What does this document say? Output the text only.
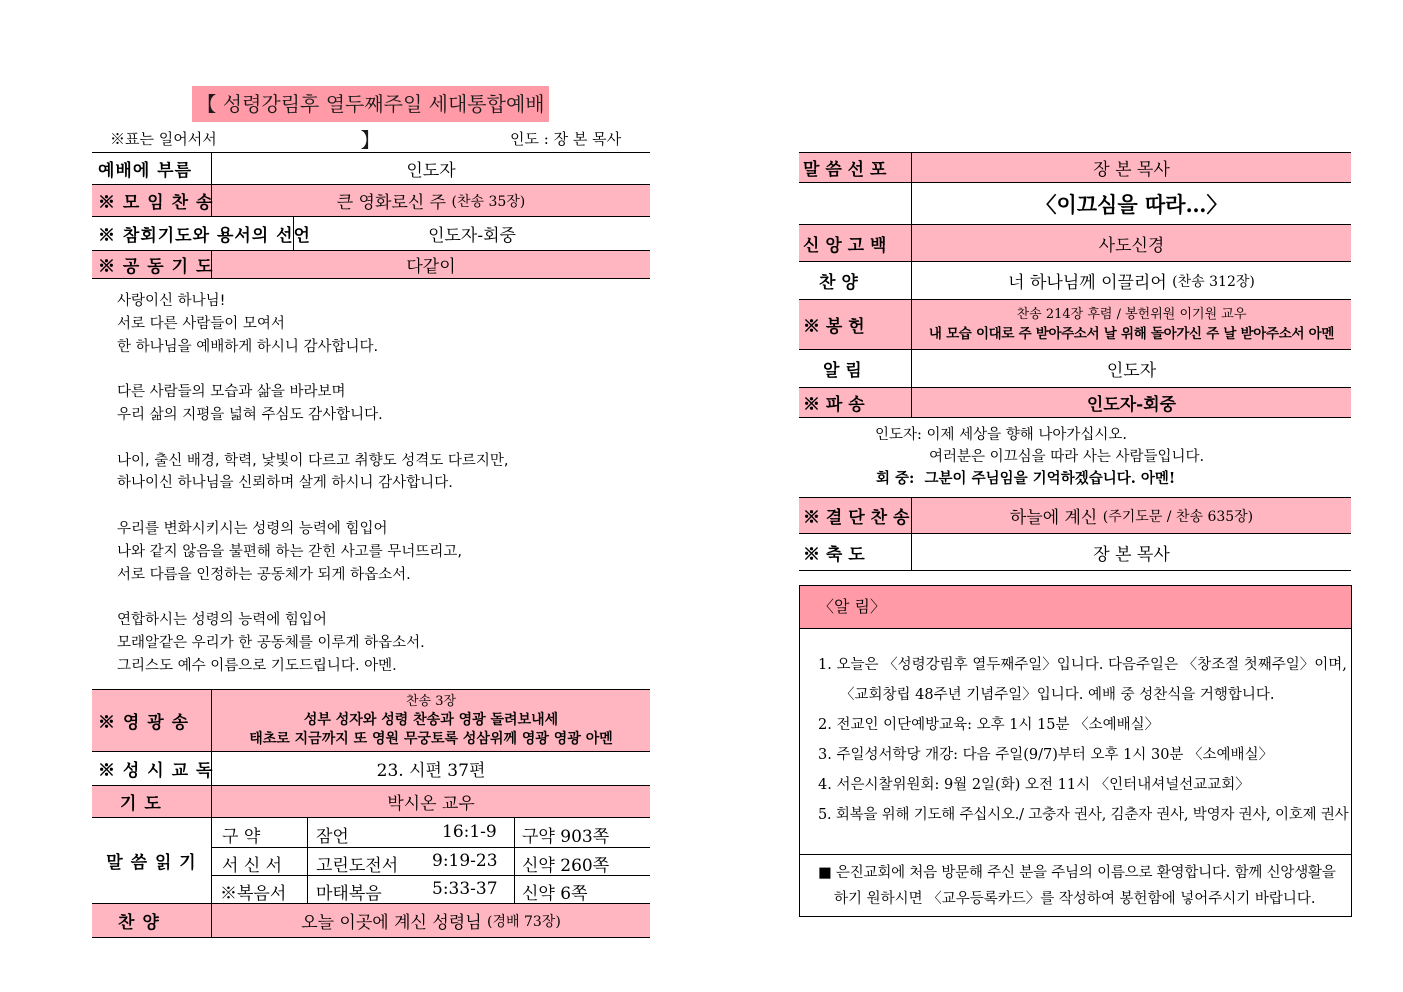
【 성령강림후 열두째주일 세대통합예배 】
※표는 일어서서	인도 : 장 본 목사
예배에 부름	인도자
※ 모 임 찬 송	큰 영화로신 주
(찬송 35장)
※ 참회기도와 용서의 선언	인도자-회중
※ 공 동 기 도	다같이
사랑이신 하나님!
서로 다른 사람들이 모여서
한 하나님을 예배하게 하시니 감사합니다.

다른 사람들의 모습과 삶을 바라보며
우리 삶의 지평을 넓혀 주심도 감사합니다.

나이, 출신 배경, 학력, 낯빛이 다르고 취향도 성격도 다르지만,
하나이신 하나님을 신뢰하며 살게 하시니 감사합니다.

우리를 변화시키시는 성령의 능력에 힘입어
나와 같지 않음을 불편해 하는 갇힌 사고를 무너뜨리고,
서로 다름을 인정하는 공동체가 되게 하옵소서.

연합하시는 성령의 능력에 힘입어
모래알같은 우리가 한 공동체를 이루게 하옵소서.
그리스도 예수 이름으로 기도드립니다. 아멘.
※ 영 광 송
찬송 3장
성부 성자와 성령 찬송과 영광 돌려보내세
태초로 지금까지 또 영원 무궁토록 성삼위께 영광 영광 아멘
※ 성 시 교 독	23. 시편 37편
기 도	박시온 교우
말 씀 읽 기
구 약	잠언	16:1-9 구약 903쪽
서 신 서	고린도전서 9:19-23 신약 260쪽
※복음서	마태복음	5:33-37 신약 6쪽
찬 양	오늘 이곳에 계신 성령님
(경배 73장)
말 씀 선 포	장 본 목사
〈이끄심을 따라…〉
신 앙 고 백	사도신경
찬 양	너 하나님께 이끌리어
(찬송 312장)
※ 봉 헌
찬송 214장 후렴 / 봉헌위원 이기원 교우
내 모습 이대로 주 받아주소서 날 위해 돌아가신 주 날 받아주소서 아멘
알 림	인도자
※ 파 송	인도자-회중
인도자: 이제 세상을 향해 나아가십시오.
여러분은 이끄심을 따라 사는 사람들입니다.
회 중: 그분이 주님임을 기억하겠습니다. 아멘!
※ 결 단 찬 송	하늘에 계신
(주기도문 / 찬송 635장)
※ 축 도	장 본 목사
〈알 림〉
1. 오늘은 〈성령강림후 열두째주일〉입니다. 다음주일은 〈창조절 첫째주일〉이며,
〈교회창립 48주년 기념주일〉입니다. 예배 중 성찬식을 거행합니다.
2. 전교인 이단예방교육: 오후 1시 15분 〈소예배실〉
3. 주일성서학당 개강: 다음 주일(9/7)부터 오후 1시 30분 〈소예배실〉
4. 서은시찰위원회: 9월 2일(화) 오전 11시 〈인터내셔널선교교회〉
5. 회복을 위해 기도해 주십시오./ 고충자 권사, 김춘자 권사, 박영자 권사, 이호제 권사
■ 은진교회에 처음 방문해 주신 분을 주님의 이름으로 환영합니다. 함께 신앙생활을
하기 원하시면 〈교우등록카드〉를 작성하여 봉헌함에 넣어주시기 바랍니다.
